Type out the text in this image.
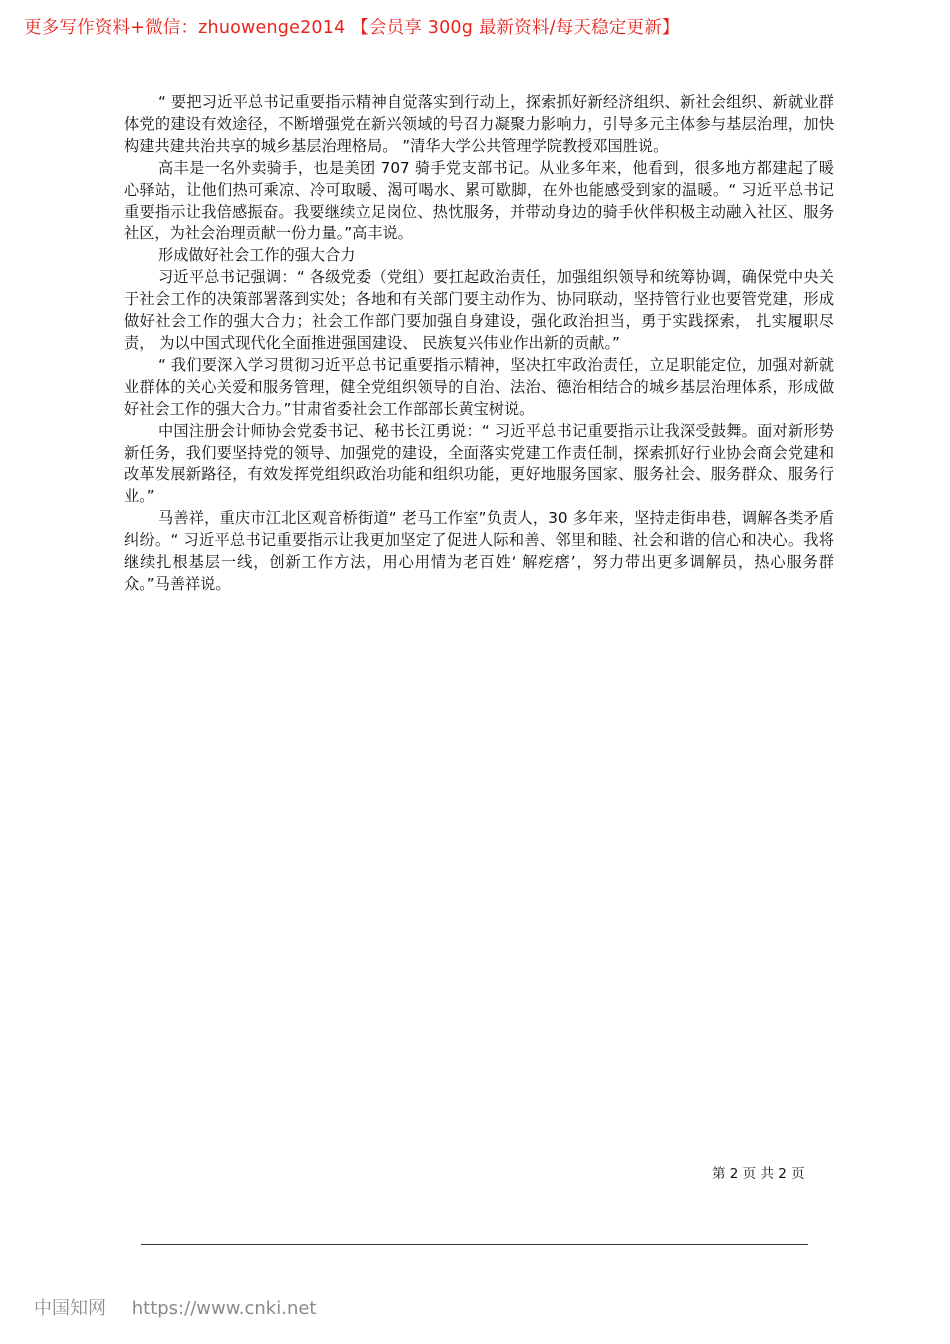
更多写作资料+微信：zhuowenge2014 【会员享 300g 最新资料/每天稳定更新】

“ 要把习近平总书记重要指示精神自觉落实到行动上，探索抓好新经济组织、新社会组织、新就业群体党的建设有效途径，不断增强党在新兴领域的号召力凝聚力影响力，引导多元主体参与基层治理，加快构建共建共治共享的城乡基层治理格局。 ”清华大学公共管理学院教授邓国胜说。

高丰是一名外卖骑手，也是美团 707 骑手党支部书记。从业多年来，他看到，很多地方都建起了暖心驿站，让他们热可乘凉、冷可取暖、渴可喝水、累可歇脚，在外也能感受到家的温暖。“ 习近平总书记重要指示让我倍感振奋。我要继续立足岗位、热忱服务，并带动身边的骑手伙伴积极主动融入社区、服务社区，为社会治理贡献一份力量。”高丰说。

形成做好社会工作的强大合力

习近平总书记强调：“ 各级党委（党组）要扛起政治责任，加强组织领导和统筹协调，确保党中央关于社会工作的决策部署落到实处；各地和有关部门要主动作为、协同联动，坚持管行业也要管党建，形成做好社会工作的强大合力；社会工作部门要加强自身建设，强化政治担当，勇于实践探索， 扎实履职尽责， 为以中国式现代化全面推进强国建设、 民族复兴伟业作出新的贡献。”

“ 我们要深入学习贯彻习近平总书记重要指示精神，坚决扛牢政治责任，立足职能定位，加强对新就业群体的关心关爱和服务管理，健全党组织领导的自治、法治、德治相结合的城乡基层治理体系，形成做好社会工作的强大合力。”甘肃省委社会工作部部长黄宝树说。

中国注册会计师协会党委书记、秘书长江勇说：“ 习近平总书记重要指示让我深受鼓舞。面对新形势新任务，我们要坚持党的领导、加强党的建设，全面落实党建工作责任制，探索抓好行业协会商会党建和改革发展新路径，有效发挥党组织政治功能和组织功能，更好地服务国家、服务社会、服务群众、服务行业。”

马善祥，重庆市江北区观音桥街道“ 老马工作室”负责人，30 多年来，坚持走街串巷，调解各类矛盾纠纷。“ 习近平总书记重要指示让我更加坚定了促进人际和善、邻里和睦、社会和谐的信心和决心。我将继续扎根基层一线，创新工作方法，用心用情为老百姓‘ 解疙瘩’，努力带出更多调解员，热心服务群众。”马善祥说。

第 2 页 共 2 页
中国知网 https://www.cnki.net
